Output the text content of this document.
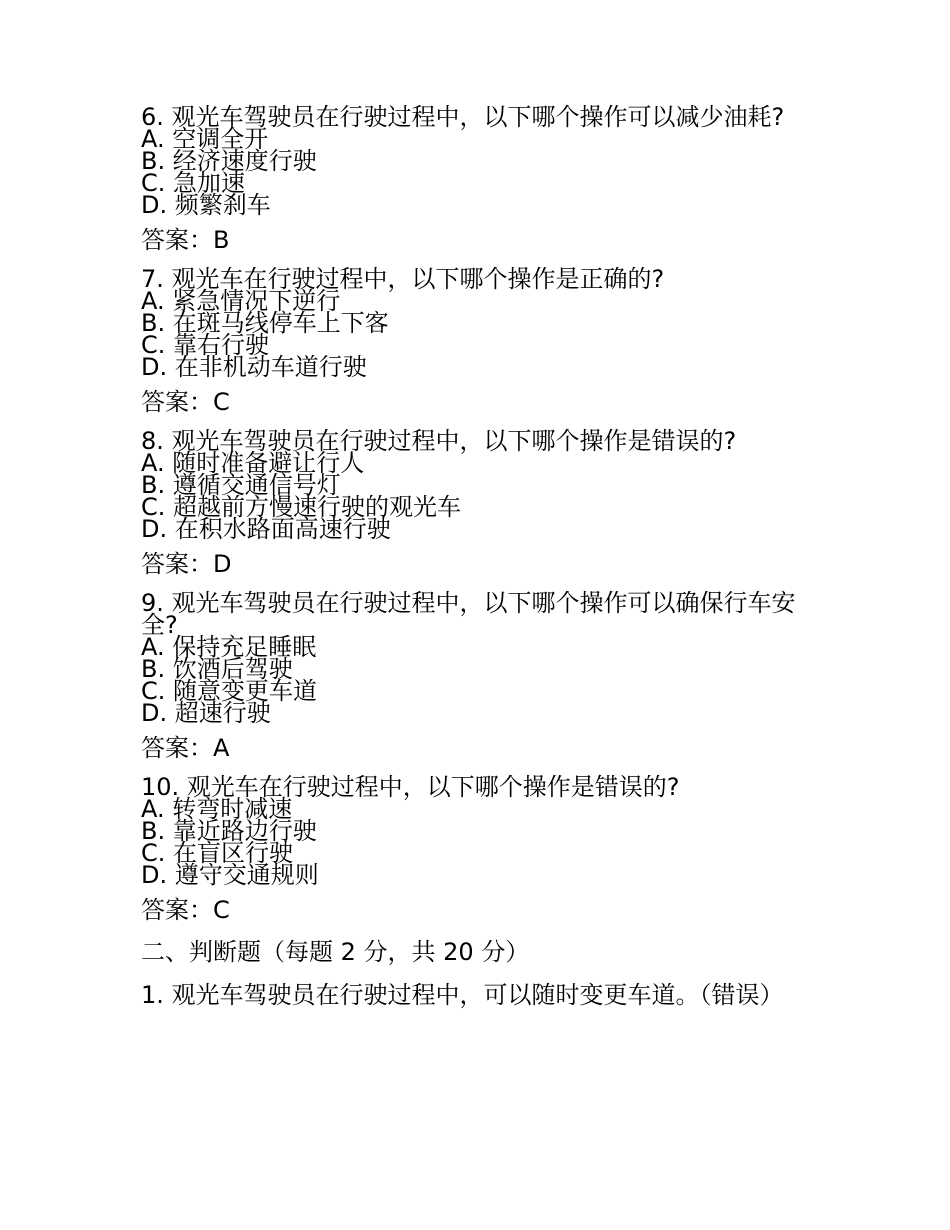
6. 观光车驾驶员在行驶过程中，以下哪个操作可以减少油耗?

A. 空调全开

B. 经济速度行驶

C. 急加速

D. 频繁刹车

答案：B

7. 观光车在行驶过程中，以下哪个操作是正确的?

A. 紧急情况下逆行

B. 在斑马线停车上下客

C. 靠右行驶

D. 在非机动车道行驶

答案：C

8. 观光车驾驶员在行驶过程中，以下哪个操作是错误的?

A. 随时准备避让行人

B. 遵循交通信号灯

C. 超越前方慢速行驶的观光车

D. 在积水路面高速行驶

答案：D

9. 观光车驾驶员在行驶过程中，以下哪个操作可以确保行车安全?

A. 保持充足睡眠

B. 饮酒后驾驶

C. 随意变更车道

D. 超速行驶

答案：A

10. 观光车在行驶过程中，以下哪个操作是错误的?

A. 转弯时减速

B. 靠近路边行驶

C. 在盲区行驶

D. 遵守交通规则

答案：C

二、判断题（每题 2 分，共 20 分）

1. 观光车驾驶员在行驶过程中，可以随时变更车道。（错误）
